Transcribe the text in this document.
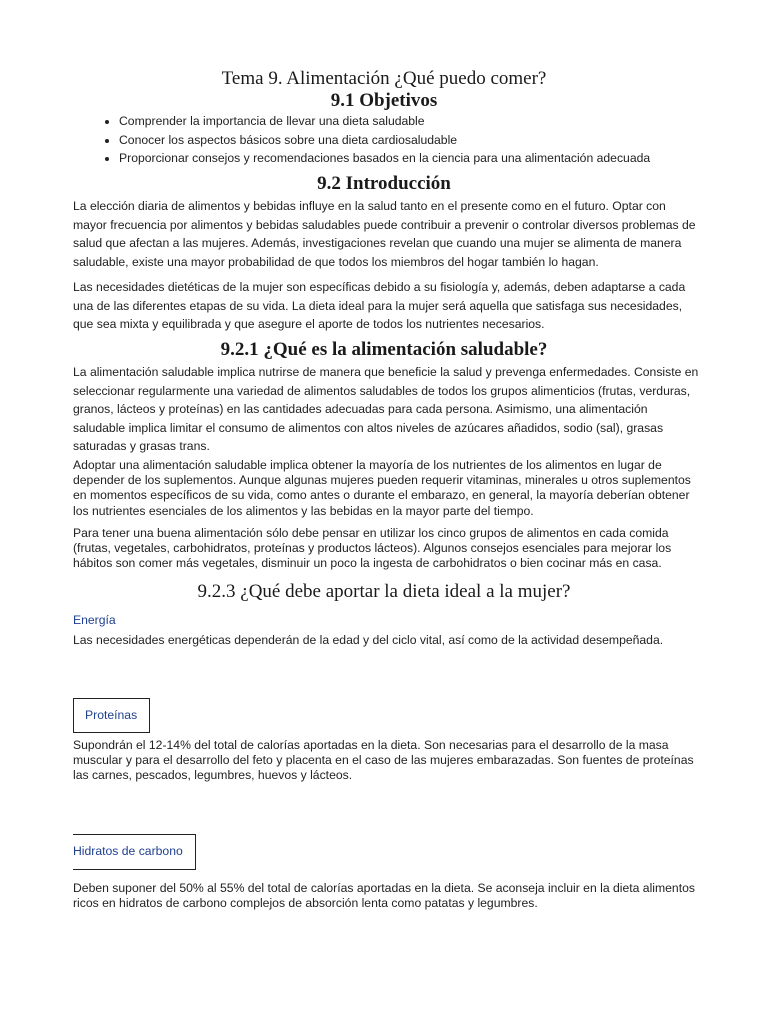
Tema 9. Alimentación ¿Qué puedo comer?
9.1 Objetivos
• Comprender la importancia de llevar una dieta saludable
• Conocer los aspectos básicos sobre una dieta cardiosaludable
• Proporcionar consejos y recomendaciones basados en la ciencia para una alimentación adecuada
9.2 Introducción

La elección diaria de alimentos y bebidas influye en la salud tanto en el presente como en el futuro. Optar con mayor frecuencia por alimentos y bebidas saludables puede contribuir a prevenir o controlar diversos problemas de salud que afectan a las mujeres. Además, investigaciones revelan que cuando una mujer se alimenta de manera saludable, existe una mayor probabilidad de que todos los miembros del hogar también lo hagan.

Las necesidades dietéticas de la mujer son específicas debido a su fisiología y, además, deben adaptarse a cada una de las diferentes etapas de su vida. La dieta ideal para la mujer será aquella que satisfaga sus necesidades, que sea mixta y equilibrada y que asegure el aporte de todos los nutrientes necesarios.

9.2.1 ¿Qué es la alimentación saludable?

La alimentación saludable implica nutrirse de manera que beneficie la salud y prevenga enfermedades. Consiste en seleccionar regularmente una variedad de alimentos saludables de todos los grupos alimenticios (frutas, verduras, granos, lácteos y proteínas) en las cantidades adecuadas para cada persona. Asimismo, una alimentación saludable implica limitar el consumo de alimentos con altos niveles de azúcares añadidos, sodio (sal), grasas saturadas y grasas trans.

Adoptar una alimentación saludable implica obtener la mayoría de los nutrientes de los alimentos en lugar de depender de los suplementos. Aunque algunas mujeres pueden requerir vitaminas, minerales u otros suplementos en momentos específicos de su vida, como antes o durante el embarazo, en general, la mayoría deberían obtener los nutrientes esenciales de los alimentos y las bebidas en la mayor parte del tiempo.

Para tener una buena alimentación sólo debe pensar en utilizar los cinco grupos de alimentos en cada comida (frutas, vegetales, carbohidratos, proteínas y productos lácteos). Algunos consejos esenciales para mejorar los hábitos son comer más vegetales, disminuir un poco la ingesta de carbohidratos o bien cocinar más en casa.

9.2.3 ¿Qué debe aportar la dieta ideal a la mujer?
Energía

Las necesidades energéticas dependerán de la edad y del ciclo vital, así como de la actividad desempeñada.

Proteínas

Supondrán el 12-14% del total de calorías aportadas en la dieta. Son necesarias para el desarrollo de la masa muscular y para el desarrollo del feto y placenta en el caso de las mujeres embarazadas. Son fuentes de proteínas las carnes, pescados, legumbres, huevos y lácteos.

Hidratos de carbono

Deben suponer del 50% al 55% del total de calorías aportadas en la dieta. Se aconseja incluir en la dieta alimentos ricos en hidratos de carbono complejos de absorción lenta como patatas y legumbres.
